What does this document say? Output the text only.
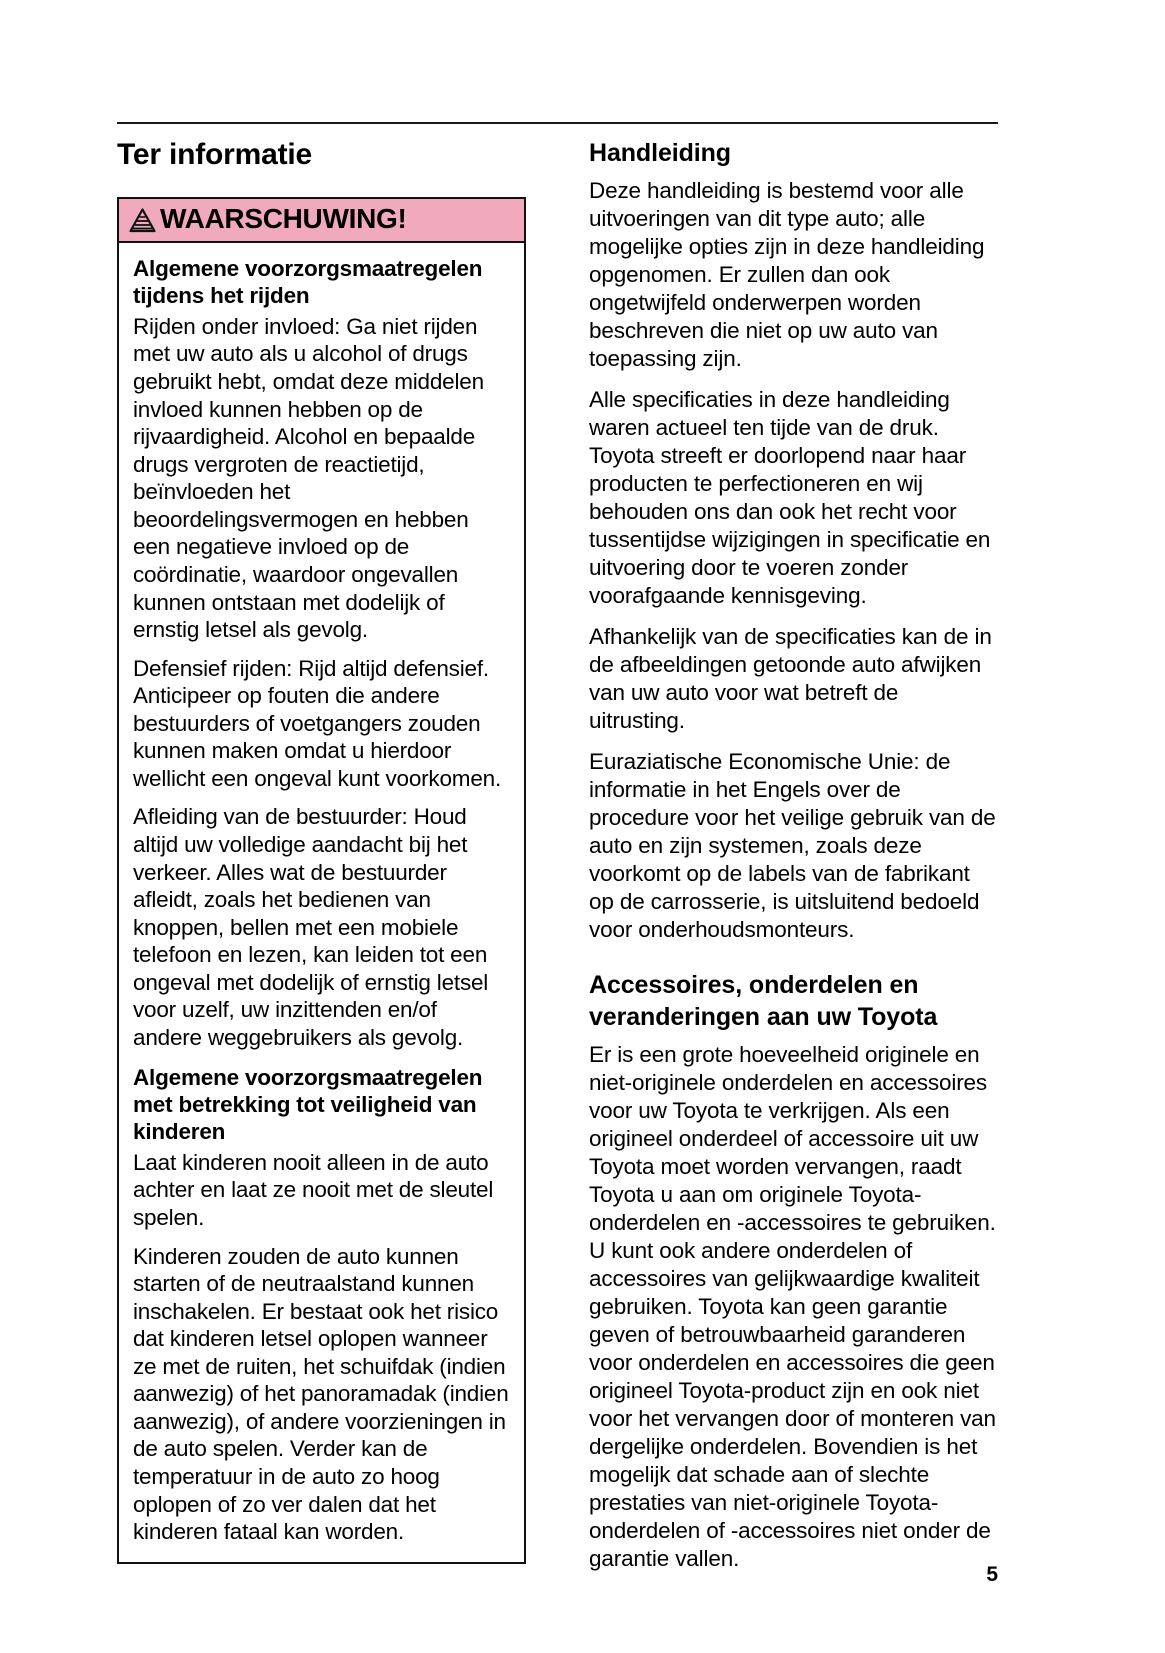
Ter informatie
WAARSCHUWING!
Algemene voorzorgsmaatregelen tijdens het rijden

Rijden onder invloed: Ga niet rijden met uw auto als u alcohol of drugs gebruikt hebt, omdat deze middelen invloed kunnen hebben op de rijvaardigheid. Alcohol en bepaalde drugs vergroten de reactietijd, beïnvloeden het beoordelingsvermogen en hebben een negatieve invloed op de coördinatie, waardoor ongevallen kunnen ontstaan met dodelijk of ernstig letsel als gevolg.

Defensief rijden: Rijd altijd defensief. Anticipeer op fouten die andere bestuurders of voetgangers zouden kunnen maken omdat u hierdoor wellicht een ongeval kunt voorkomen.

Afleiding van de bestuurder: Houd altijd uw volledige aandacht bij het verkeer. Alles wat de bestuurder afleidt, zoals het bedienen van knoppen, bellen met een mobiele telefoon en lezen, kan leiden tot een ongeval met dodelijk of ernstig letsel voor uzelf, uw inzittenden en/of andere weggebruikers als gevolg.

Algemene voorzorgsmaatregelen met betrekking tot veiligheid van kinderen

Laat kinderen nooit alleen in de auto achter en laat ze nooit met de sleutel spelen.

Kinderen zouden de auto kunnen starten of de neutraalstand kunnen inschakelen. Er bestaat ook het risico dat kinderen letsel oplopen wanneer ze met de ruiten, het schuifdak (indien aanwezig) of het panoramadak (indien aanwezig), of andere voorzieningen in de auto spelen. Verder kan de temperatuur in de auto zo hoog oplopen of zo ver dalen dat het kinderen fataal kan worden.

Handleiding

Deze handleiding is bestemd voor alle uitvoeringen van dit type auto; alle mogelijke opties zijn in deze handleiding opgenomen. Er zullen dan ook ongetwijfeld onderwerpen worden beschreven die niet op uw auto van toepassing zijn.

Alle specificaties in deze handleiding waren actueel ten tijde van de druk. Toyota streeft er doorlopend naar haar producten te perfectioneren en wij behouden ons dan ook het recht voor tussentijdse wijzigingen in specificatie en uitvoering door te voeren zonder voorafgaande kennisgeving.

Afhankelijk van de specificaties kan de in de afbeeldingen getoonde auto afwijken van uw auto voor wat betreft de uitrusting.

Euraziatische Economische Unie: de informatie in het Engels over de procedure voor het veilige gebruik van de auto en zijn systemen, zoals deze voorkomt op de labels van de fabrikant op de carrosserie, is uitsluitend bedoeld voor onderhoudsmonteurs.

Accessoires, onderdelen en veranderingen aan uw Toyota

Er is een grote hoeveelheid originele en niet-originele onderdelen en accessoires voor uw Toyota te verkrijgen. Als een origineel onderdeel of accessoire uit uw Toyota moet worden vervangen, raadt Toyota u aan om originele Toyota-onderdelen en -accessoires te gebruiken. U kunt ook andere onderdelen of accessoires van gelijkwaardige kwaliteit gebruiken. Toyota kan geen garantie geven of betrouwbaarheid garanderen voor onderdelen en accessoires die geen origineel Toyota-product zijn en ook niet voor het vervangen door of monteren van dergelijke onderdelen. Bovendien is het mogelijk dat schade aan of slechte prestaties van niet-originele Toyota-onderdelen of -accessoires niet onder de garantie vallen.

5
